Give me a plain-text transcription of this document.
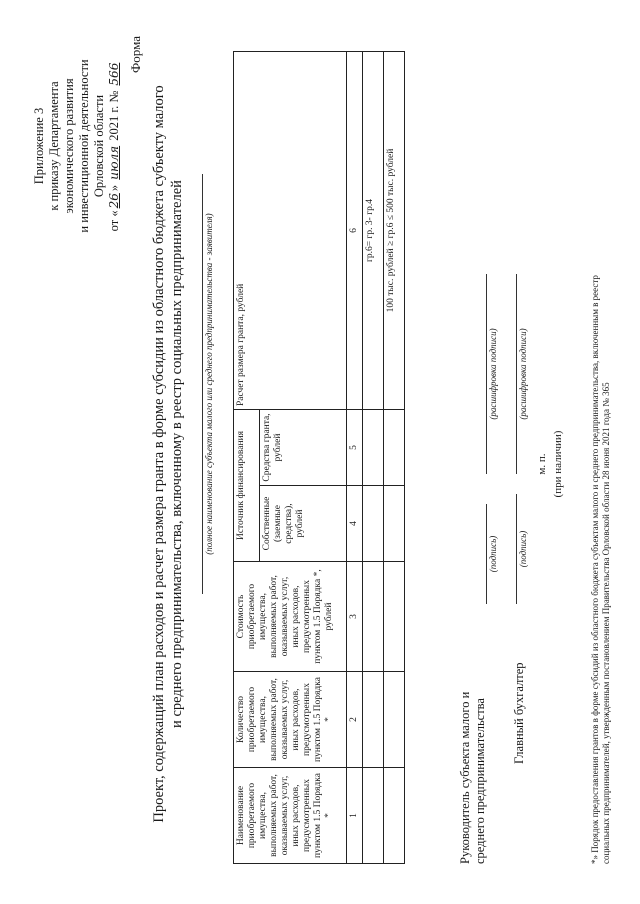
Приложение 3 к приказу Департамента экономического развития и инвестиционной деятельности Орловской области
от «26» июля 2021 г. № 566
Форма
Проект, содержащий план расходов и расчет размера гранта в форме субсидии из областного бюджета субъекту малого и среднего предпринимательства, включенному в реестр социальных предпринимателей (полное наименование субъекта малого или среднего предпринимательства - заявителя)
Наименование приобретаемого имущества, выполняемых работ, оказываемых услуг, иных расходов, предусмотренных пунктом 1.5 Порядка *	Количество приобретаемого имущества, выполняемых работ, оказываемых услуг, иных расходов, предусмотренных пунктом 1.5 Порядка *	Стоимость приобретаемого имущества, выполняемых работ, оказываемых услуг, иных расходов, предусмотренных пунктом 1.5 Порядка *, рублей	Источник финансирования		Расчет размера гранта, рублей
			Собственные (заемные средства), рублей	Средства гранта, рублей	
1	2	3	4	5	6
					гр.6= гр. 3- гр.4
					100 тыс. рублей ≥ гр.6 ≤ 500 тыс. рублей
Руководитель субъекта малого и среднего предпринимательства
(подпись)
(расшифровка подписи)
Главный бухгалтер
(подпись)
(расшифровка подписи)
м. п. (при наличии)	*» Порядок предоставления грантов в форме субсидий из областного бюджета субъектам малого и среднего предпринимательства, включенным в реестр социальных предпринимателей, утвержденным постановлением Правительства Орловской области 28 июня 2021 года № 365
